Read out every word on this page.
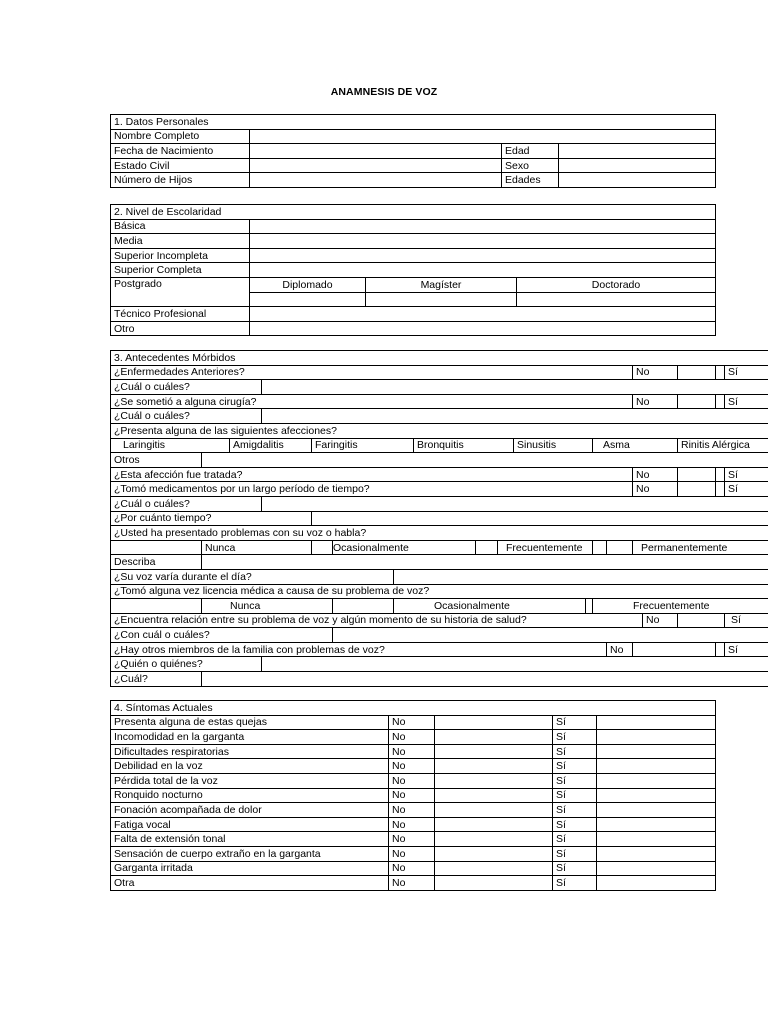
ANAMNESIS DE VOZ
1. Datos Personales			
Nombre Completo			
Fecha de Nacimiento		Edad	
Estado Civil		Sexo	
Número de Hijos		Edades	
2. Nivel de Escolaridad			
Básica			
Media			
Superior Incompleta			
Superior Completa			
Postgrado	Diplomado	Magíster	Doctorado

Técnico Profesional			
Otro			
3. Antecedentes Mórbidos																		
¿Enfermedades Anteriores?														No				Sí
¿Cuál o cuáles?																		
¿Se sometió a alguna cirugía?														No				Sí
¿Cuál o cuáles?																		
¿Presenta alguna de las siguientes afecciones?																		
Laringitis		Amigdalitis		Faringitis			Bronquitis			Sinusitis		Asma				Rinitis Alérgica		
Otros																		
¿Esta afección fue tratada?														No				Sí
¿Tomó medicamentos por un largo período de tiempo?														No				Sí
¿Cuál o cuáles?																		
¿Por cuánto tiempo?																		
¿Usted ha presentado problemas con su voz o habla?																		
	Nunca				Ocasionalmente				Frecuentemente					Permanentemente				
Describa																		
¿Su voz varía durante el día?																		
¿Tomó alguna vez licencia médica a causa de su problema de voz?																		
	Nunca					Ocasionalmente						Frecuentemente						
¿Encuentra relación entre su problema de voz y algún momento de su historia de salud?															No			Sí
¿Con cuál o cuáles?																		
¿Hay otros miembros de la familia con problemas de voz?													No					Sí
¿Quién o quiénes?																		
¿Cuál?																		
4. Síntomas Actuales				
Presenta alguna de estas quejas	No		Sí	
Incomodidad en la garganta	No		Sí	
Dificultades respiratorias	No		Sí	
Debilidad en la voz	No		Sí	
Pérdida total de la voz	No		Sí	
Ronquido nocturno	No		Sí	
Fonación acompañada de dolor	No		Sí	
Fatiga vocal	No		Sí	
Falta de extensión tonal	No		Sí	
Sensación de cuerpo extraño en la garganta	No		Sí	
Garganta irritada	No		Sí	
Otra	No		Sí	
